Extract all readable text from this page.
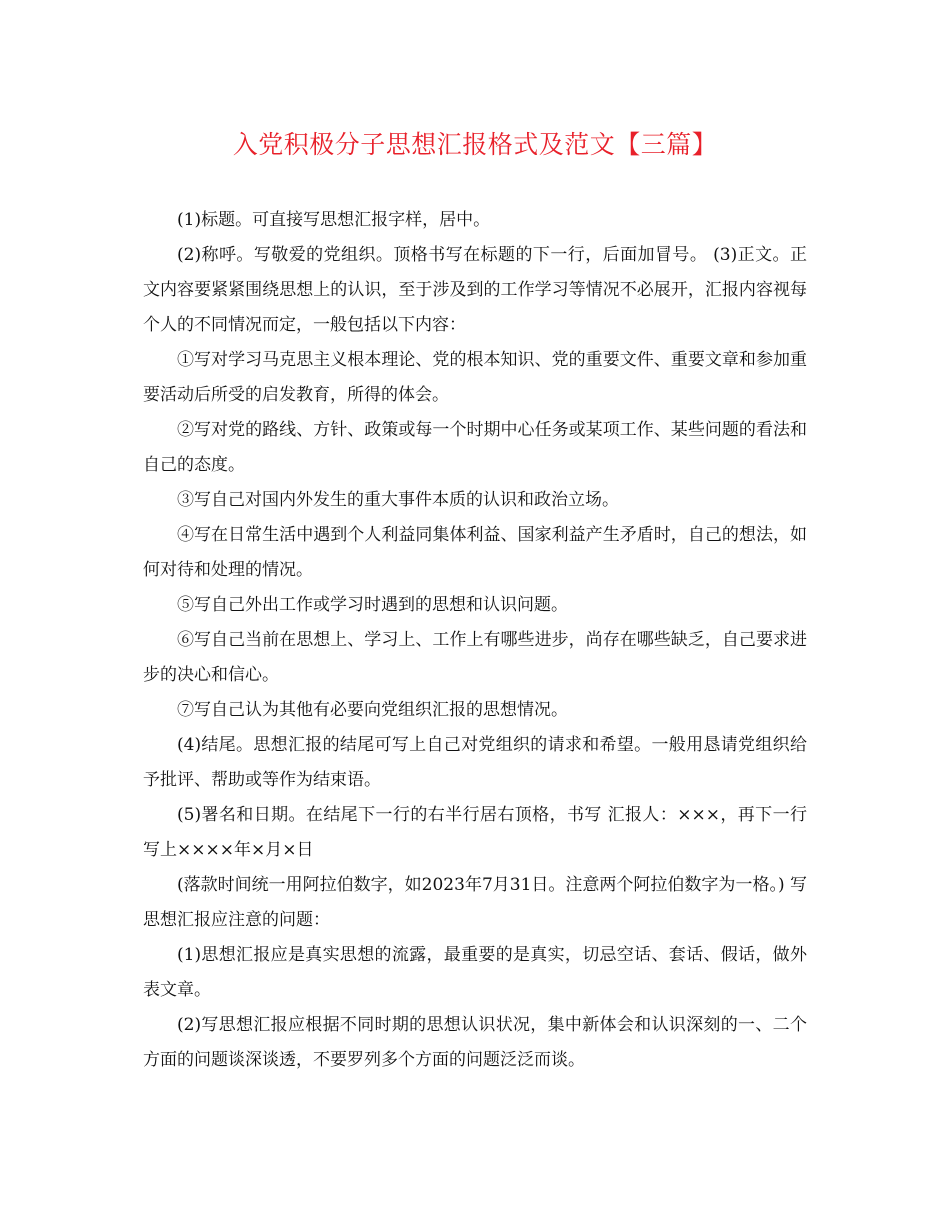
入党积极分子思想汇报格式及范文【三篇】

(1)标题。可直接写思想汇报字样，居中。

(2)称呼。写敬爱的党组织。顶格书写在标题的下一行，后面加冒号。 (3)正文。正文内容要紧紧围绕思想上的认识，至于涉及到的工作学习等情况不必展开，汇报内容视每个人的不同情况而定，一般包括以下内容：

①写对学习马克思主义根本理论、党的根本知识、党的重要文件、重要文章和参加重要活动后所受的启发教育，所得的体会。

②写对党的路线、方针、政策或每一个时期中心任务或某项工作、某些问题的看法和自己的态度。

③写自己对国内外发生的重大事件本质的认识和政治立场。

④写在日常生活中遇到个人利益同集体利益、国家利益产生矛盾时，自己的想法，如何对待和处理的情况。

⑤写自己外出工作或学习时遇到的思想和认识问题。

⑥写自己当前在思想上、学习上、工作上有哪些进步，尚存在哪些缺乏，自己要求进步的决心和信心。

⑦写自己认为其他有必要向党组织汇报的思想情况。

(4)结尾。思想汇报的结尾可写上自己对党组织的请求和希望。一般用恳请党组织给予批评、帮助或等作为结束语。

(5)署名和日期。在结尾下一行的右半行居右顶格，书写 汇报人：×××，再下一行写上××××年×月×日

(落款时间统一用阿拉伯数字，如2023年7月31日。注意两个阿拉伯数字为一格。) 写思想汇报应注意的问题：

(1)思想汇报应是真实思想的流露，最重要的是真实，切忌空话、套话、假话，做外表文章。

(2)写思想汇报应根据不同时期的思想认识状况，集中新体会和认识深刻的一、二个方面的问题谈深谈透，不要罗列多个方面的问题泛泛而谈。
